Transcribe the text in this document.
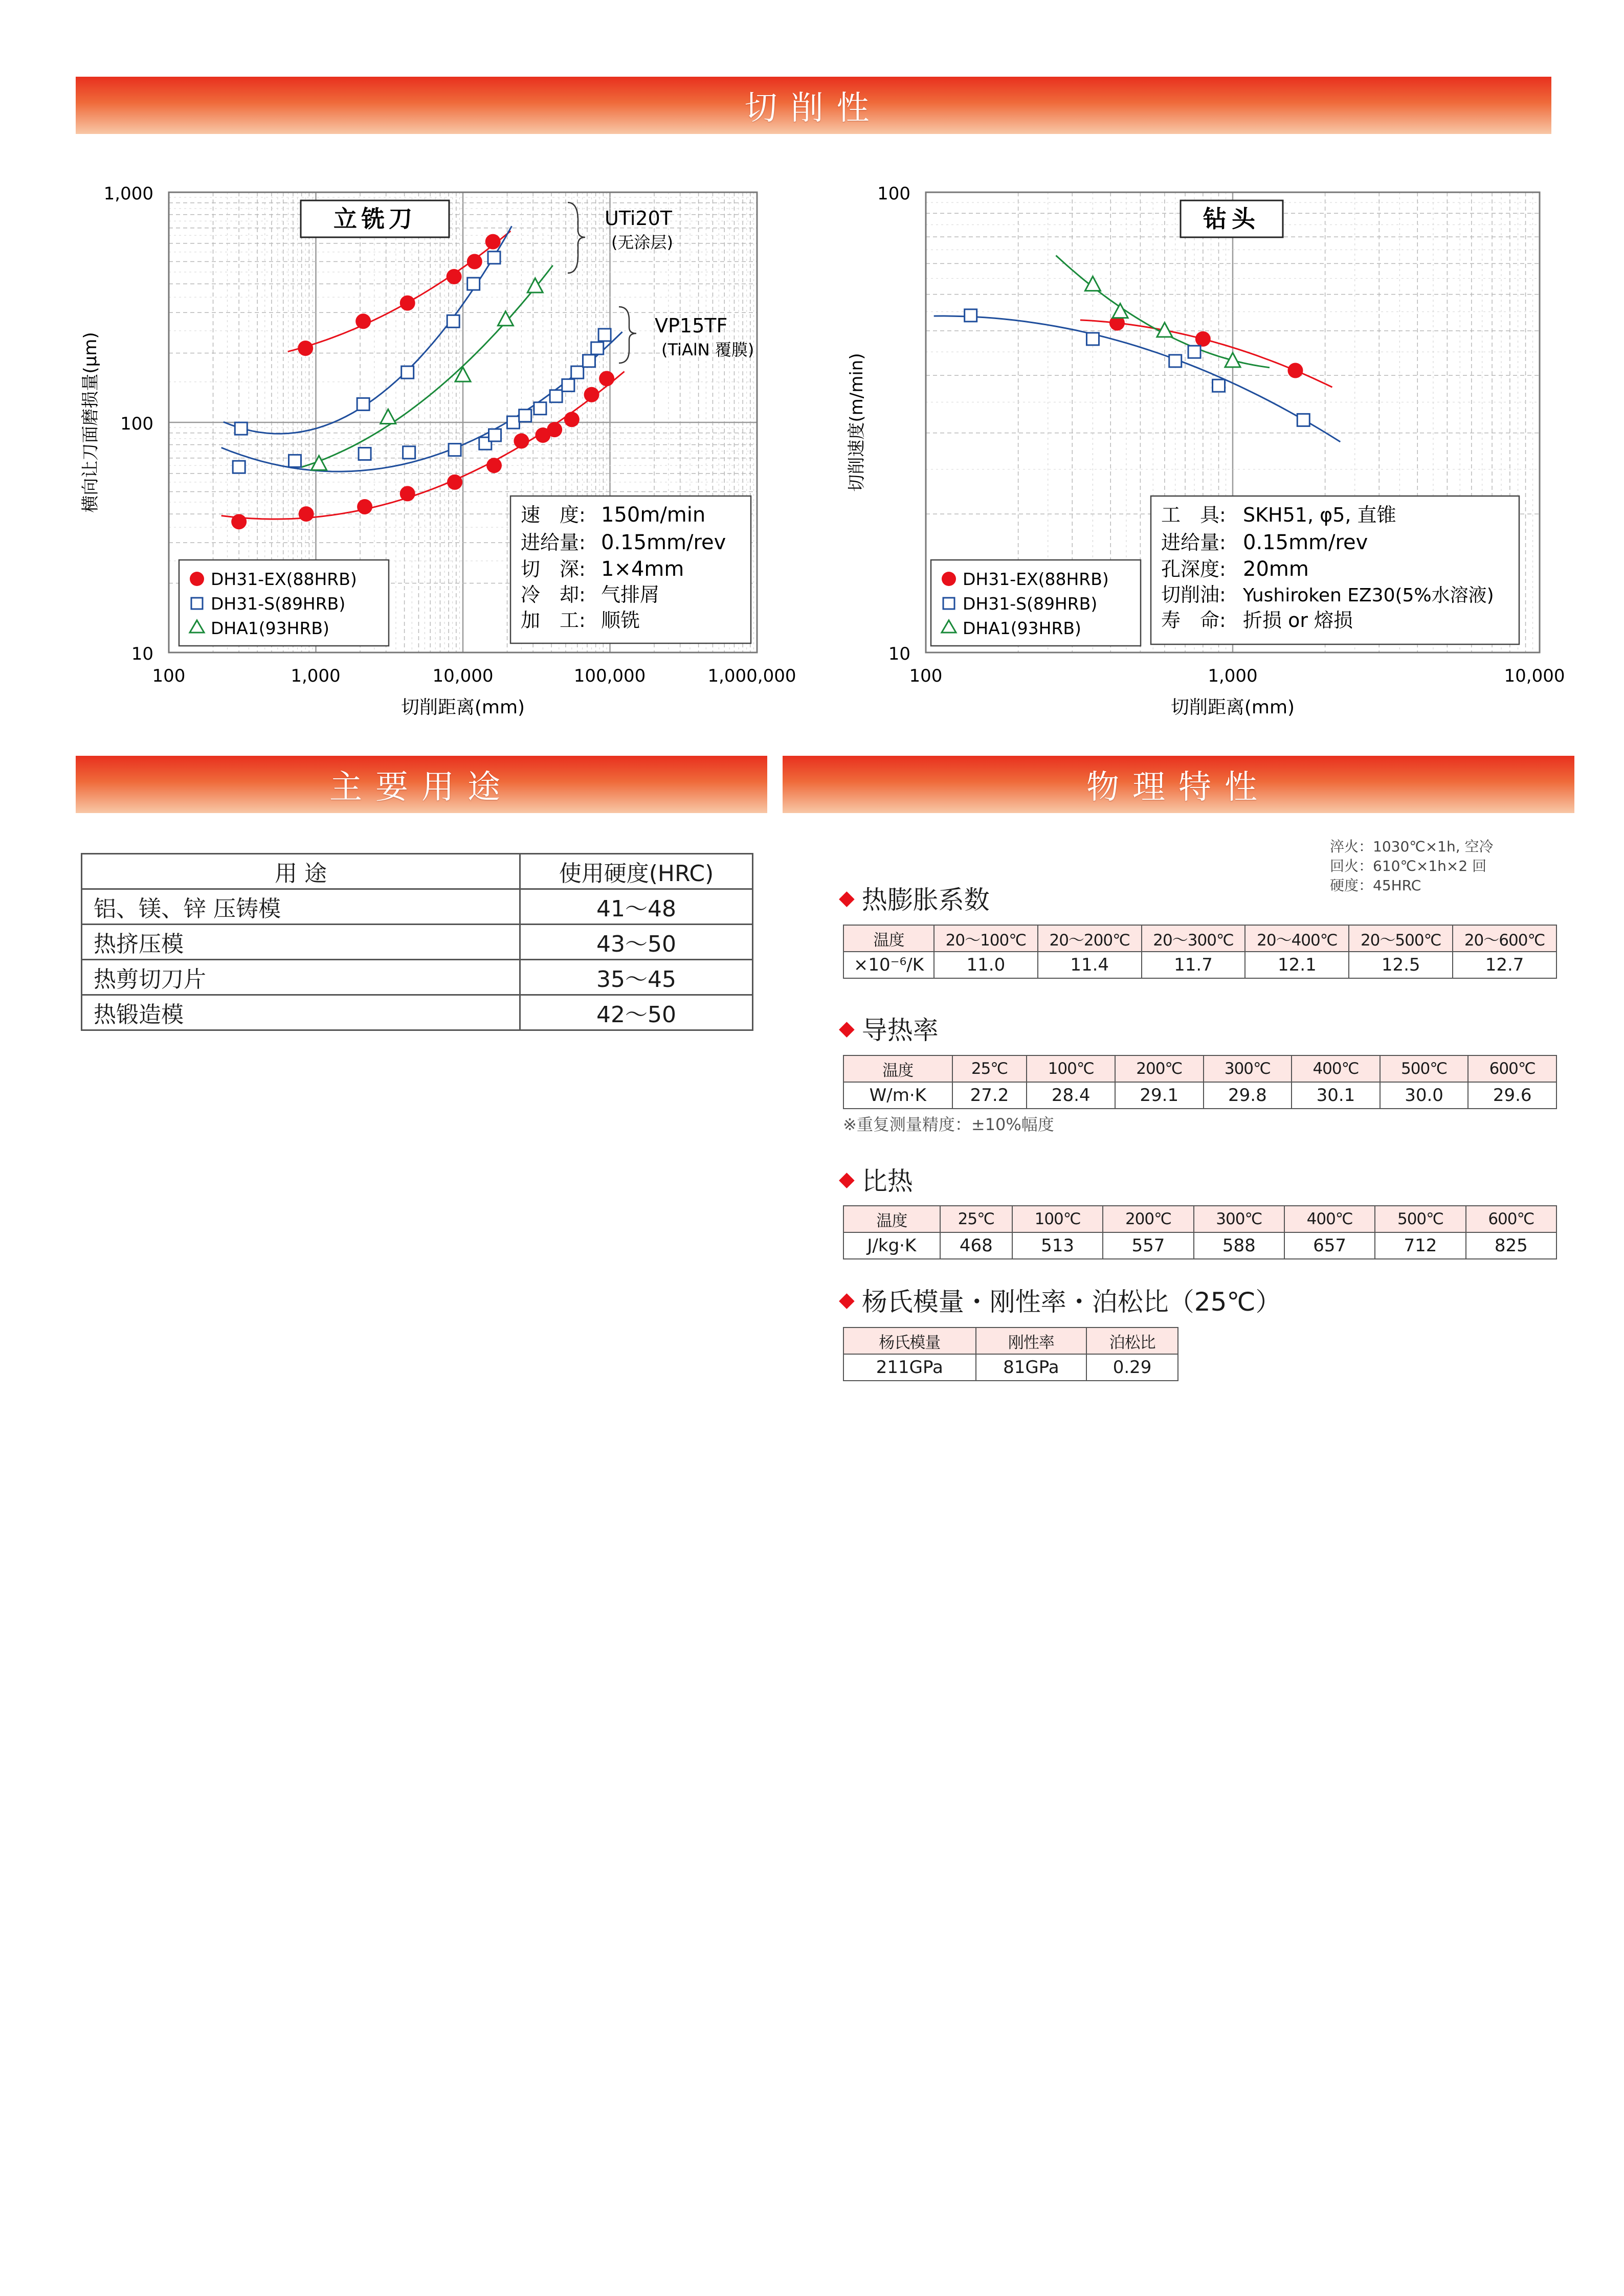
切削性
主要用途	物理特性
1,000
100
10
100	1,000	10,000	100,000	1,000,000
切削距离(mm)
横向让刀面磨损量(μm)
立铣刀	UTi20T
(无涂层)
VP15TF
(TiAlN 覆膜)
速　度: 150m/min
进给量: 0.15mm/rev
切　深: 1×4mm
冷　却: 气排屑
加　工: 顺铣
DH31-EX(88HRB)
DH31-S(89HRB)
DHA1(93HRB)
100
10
100	1,000	10,000
切削距离(mm)
切削速度(m/min)
钻头
工　具: SKH51, φ5, 直锥
进给量: 0.15mm/rev
孔深度: 20mm
切削油: Yushiroken EZ30(5%水溶液)
寿　命: 折损 or 熔损
DH31-EX(88HRB)
DH31-S(89HRB)
DHA1(93HRB)
用 途	使用硬度(HRC)
铝、镁、锌 压铸模	41～48
热挤压模	43～50
热剪切刀片	35～45
热锻造模	42～50
淬火：1030℃×1h, 空冷
回火：610℃×1h×2 回
硬度：45HRC
◆ 热膨胀系数
温度	20～100℃	20～200℃	20～300℃	20～400℃	20～500℃	20～600℃
×10⁻⁶/K	11.0	11.4	11.7	12.1	12.5	12.7
◆ 导热率
温度	25℃	100℃	200℃	300℃	400℃	500℃	600℃
W/m·K	27.2	28.4	29.1	29.8	30.1	30.0	29.6
※重复测量精度：±10%幅度
◆ 比热
温度	25℃	100℃	200℃	300℃	400℃	500℃	600℃
J/kg·K	468	513	557	588	657	712	825
◆ 杨氏模量・刚性率・泊松比（25℃）
杨氏模量	刚性率	泊松比
211GPa	81GPa	0.29
